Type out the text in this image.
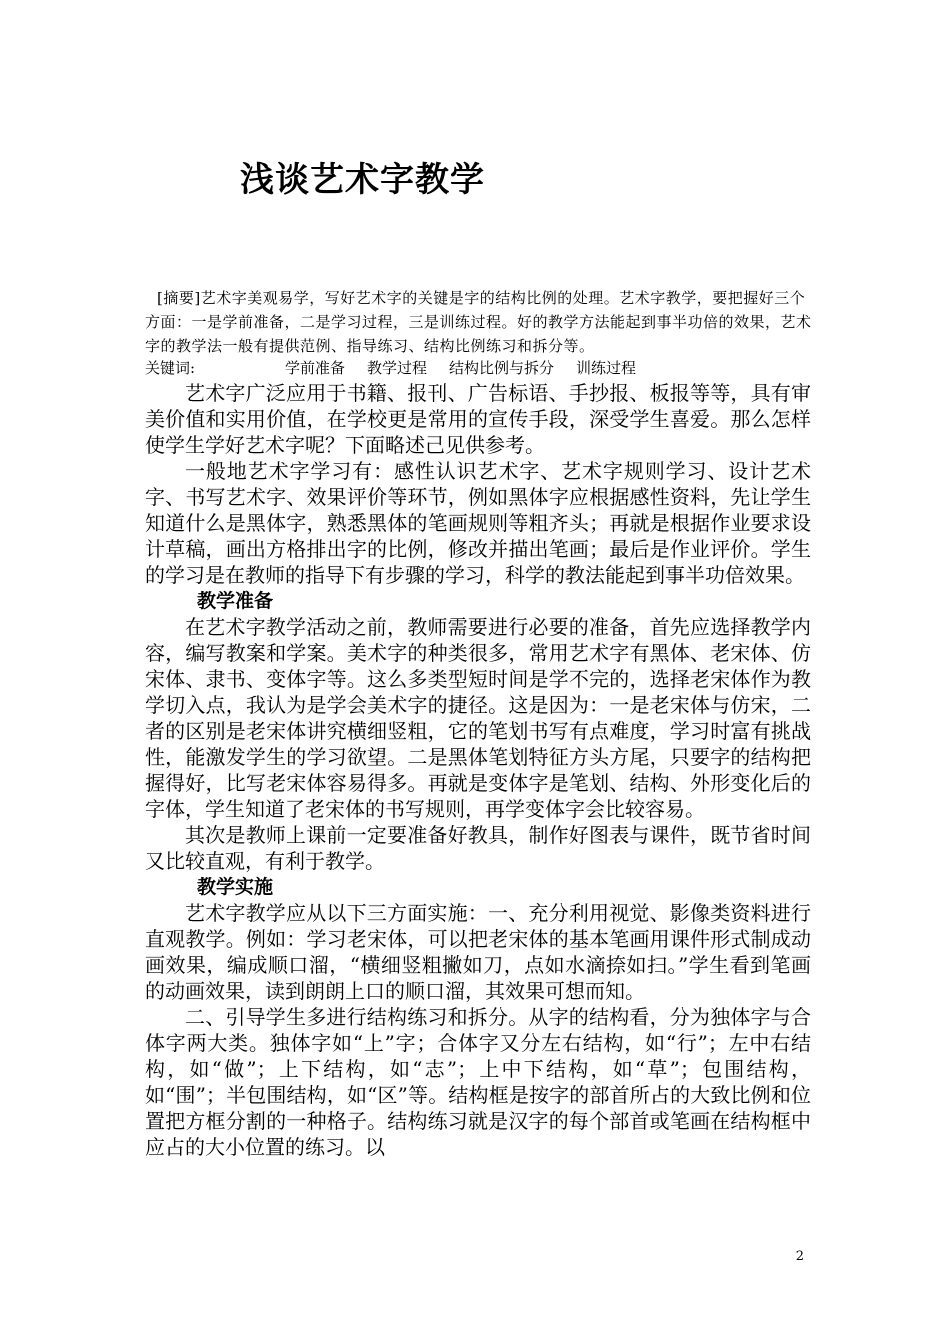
浅谈艺术字教学
[摘要]艺术字美观易学，写好艺术字的关键是字的结构比例的处理。艺术字教学，要把握好三个方面：一是学前准备，二是学习过程，三是训练过程。好的教学方法能起到事半功倍的效果，艺术字的教学法一般有提供范例、指导练习、结构比例练习和拆分等。
关键词:	学前准备 教学过程 结构比例与拆分 训练过程

艺术字广泛应用于书籍、报刊、广告标语、手抄报、板报等等，具有审美价值和实用价值，在学校更是常用的宣传手段，深受学生喜爱。那么怎样使学生学好艺术字呢？下面略述己见供参考。

一般地艺术字学习有：感性认识艺术字、艺术字规则学习、设计艺术字、书写艺术字、效果评价等环节，例如黑体字应根据感性资料，先让学生知道什么是黑体字，熟悉黑体的笔画规则等粗齐头；再就是根据作业要求设计草稿，画出方格排出字的比例，修改并描出笔画；最后是作业评价。学生的学习是在教师的指导下有步骤的学习，科学的教法能起到事半功倍效果。

教学准备

在艺术字教学活动之前，教师需要进行必要的准备，首先应选择教学内容，编写教案和学案。美术字的种类很多，常用艺术字有黑体、老宋体、仿宋体、隶书、变体字等。这么多类型短时间是学不完的，选择老宋体作为教学切入点，我认为是学会美术字的捷径。这是因为：一是老宋体与仿宋，二者的区别是老宋体讲究横细竖粗，它的笔划书写有点难度，学习时富有挑战性，能激发学生的学习欲望。二是黑体笔划特征方头方尾，只要字的结构把握得好，比写老宋体容易得多。再就是变体字是笔划、结构、外形变化后的字体，学生知道了老宋体的书写规则，再学变体字会比较容易。

其次是教师上课前一定要准备好教具，制作好图表与课件，既节省时间又比较直观，有利于教学。

教学实施

艺术字教学应从以下三方面实施：一、充分利用视觉、影像类资料进行直观教学。例如：学习老宋体，可以把老宋体的基本笔画用课件形式制成动画效果，编成顺口溜，“横细竖粗撇如刀，点如水滴捺如扫。”学生看到笔画的动画效果，读到朗朗上口的顺口溜，其效果可想而知。

二、引导学生多进行结构练习和拆分。从字的结构看，分为独体字与合体字两大类。独体字如“上”字；合体字又分左右结构，如“行”；左中右结构，如“做”；上下结构，如“志”；上中下结构，如“草”；包围结构，如“围”；半包围结构，如“区”等。结构框是按字的部首所占的大致比例和位置把方框分割的一种格子。结构练习就是汉字的每个部首或笔画在结构框中应占的大小位置的练习。以

2
